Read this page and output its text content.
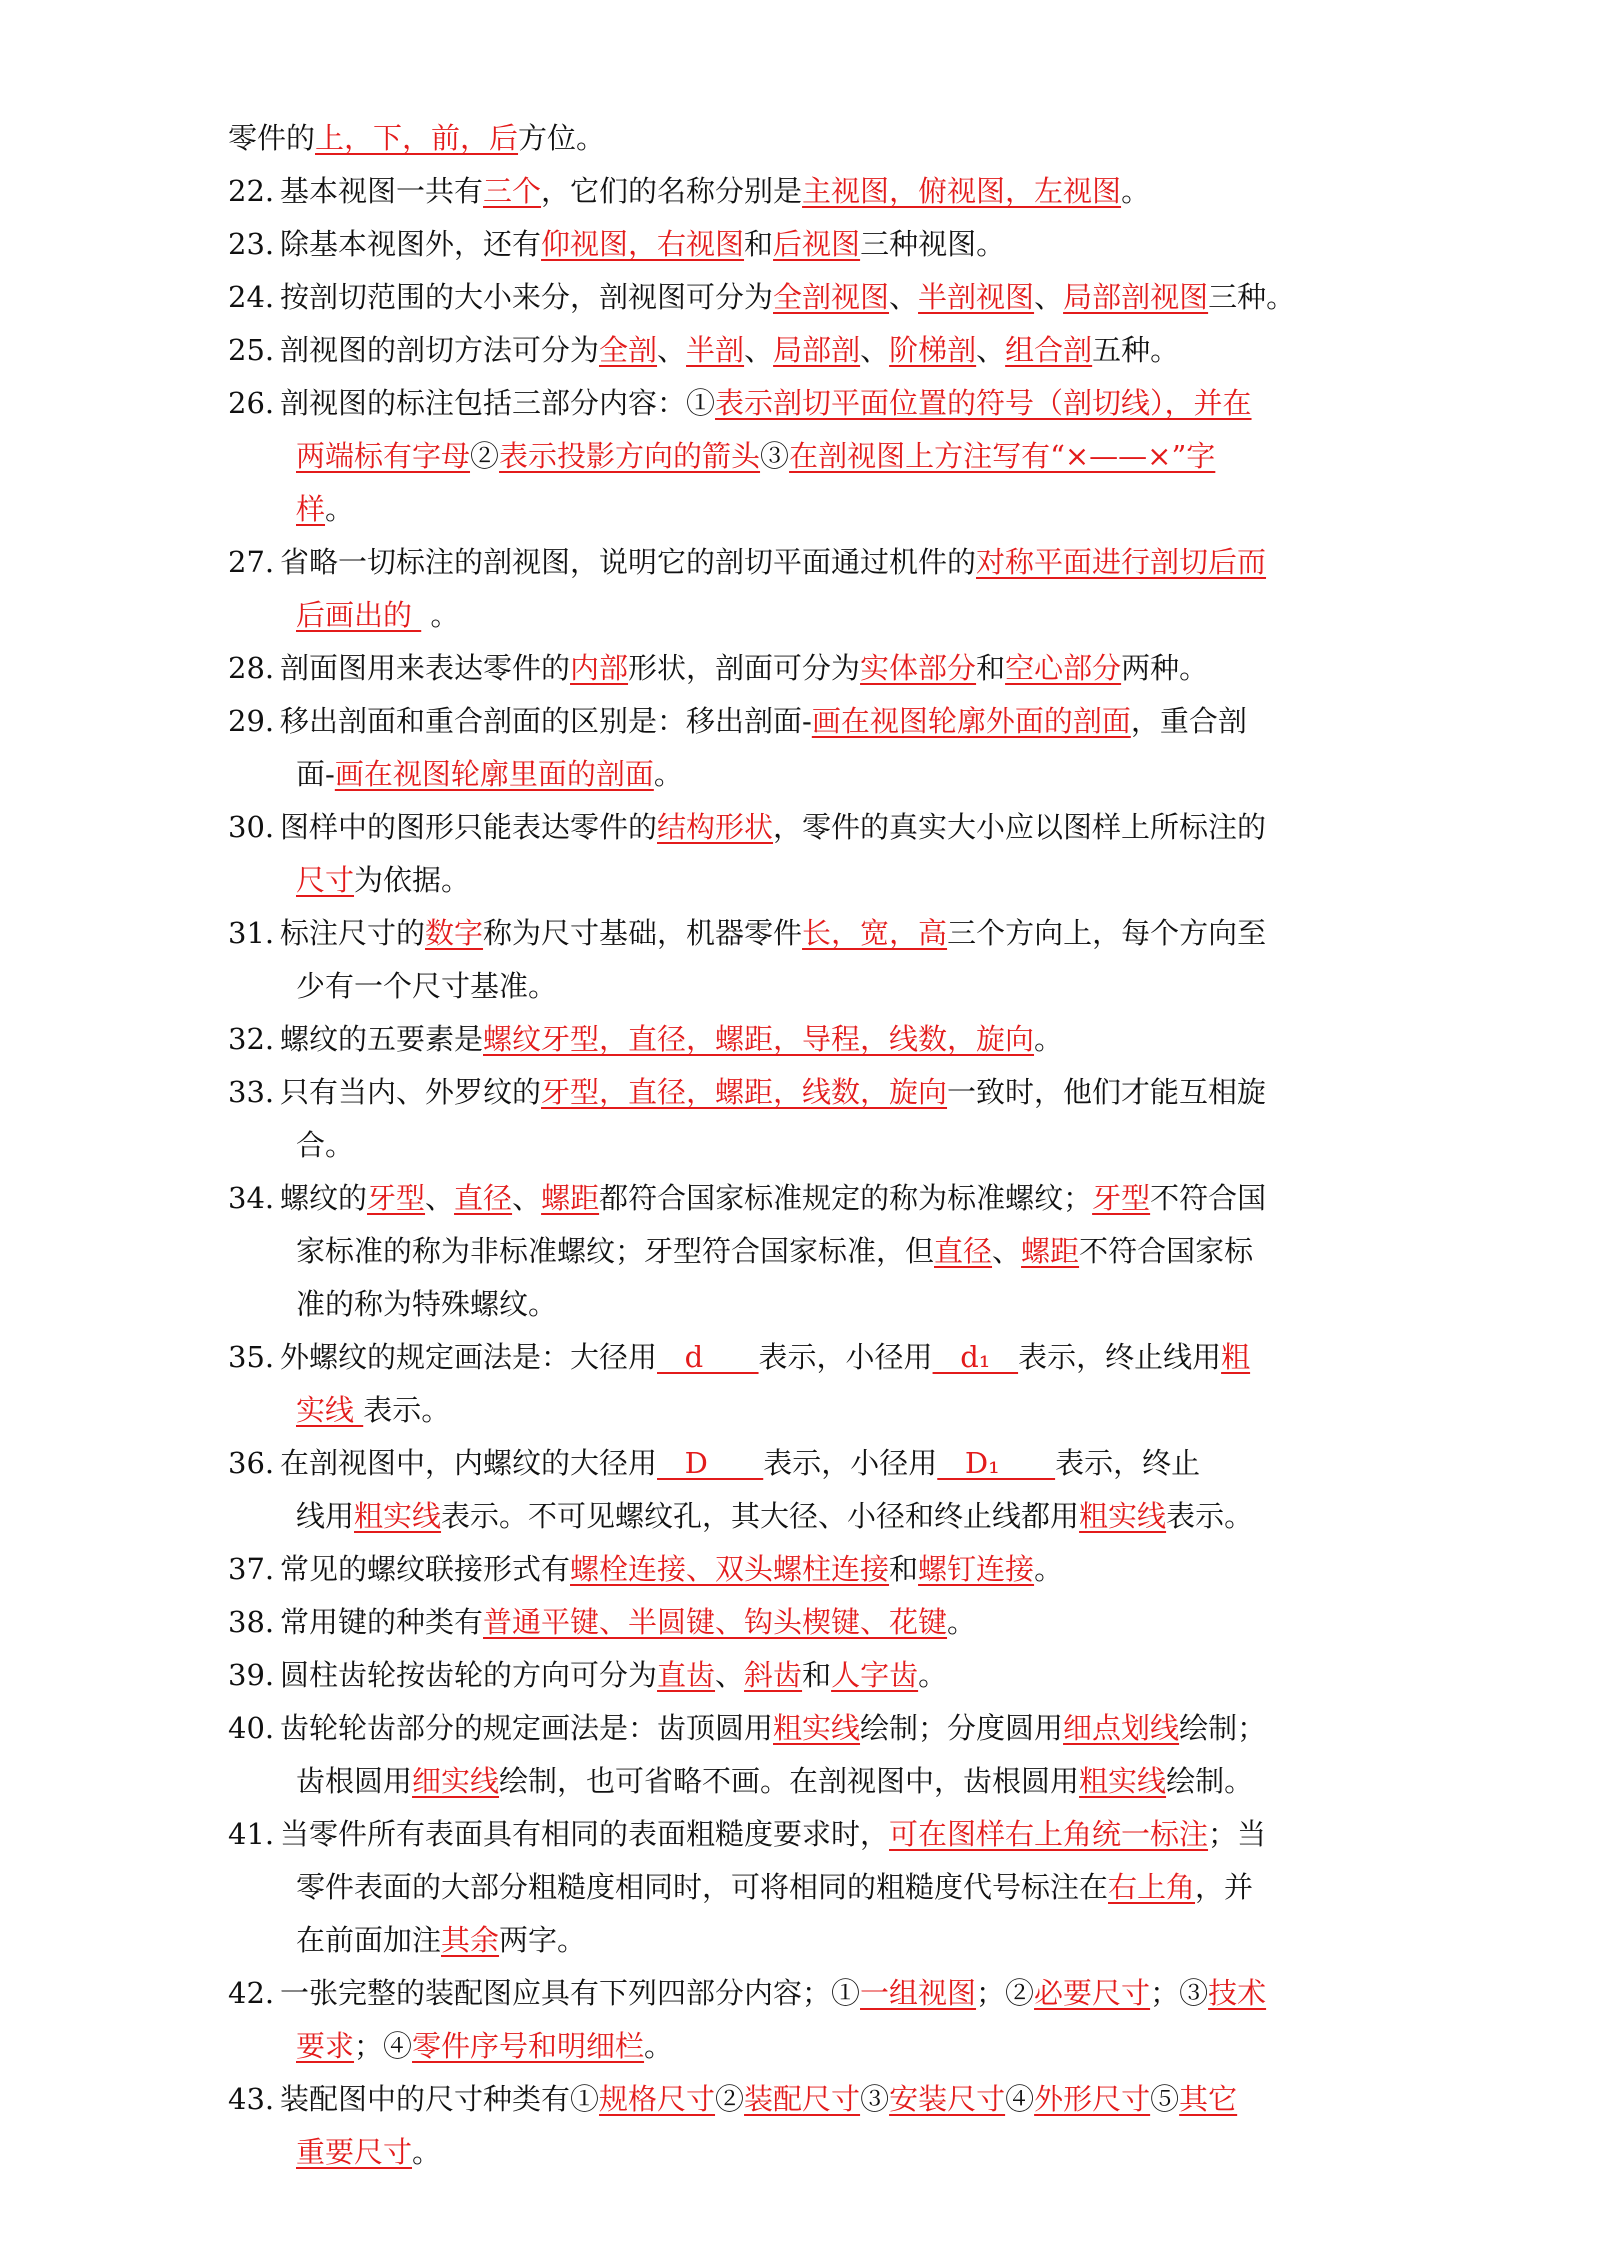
零件的上，下，前，后方位。
22. 基本视图一共有三个，它们的名称分别是主视图，俯视图，左视图。
23. 除基本视图外，还有仰视图，右视图和后视图三种视图。
24. 按剖切范围的大小来分，剖视图可分为全剖视图、半剖视图、局部剖视图三种。
25. 剖视图的剖切方法可分为全剖、半剖、局部剖、阶梯剖、组合剖五种。
26. 剖视图的标注包括三部分内容：①表示剖切平面位置的符号（剖切线），并在
两端标有字母②表示投影方向的箭头③在剖视图上方注写有“×——×”字
样。
27. 省略一切标注的剖视图，说明它的剖切平面通过机件的对称平面进行剖切后而
后画出的  。
28. 剖面图用来表达零件的内部形状，剖面可分为实体部分和空心部分两种。
29. 移出剖面和重合剖面的区别是：移出剖面-画在视图轮廓外面的剖面，重合剖
面-画在视图轮廓里面的剖面。
30. 图样中的图形只能表达零件的结构形状，零件的真实大小应以图样上所标注的
尺寸为依据。
31. 标注尺寸的数字称为尺寸基础，机器零件长，宽，高三个方向上，每个方向至
少有一个尺寸基准。
32. 螺纹的五要素是螺纹牙型，直径，螺距，导程，线数，旋向。
33. 只有当内、外罗纹的牙型，直径，螺距，线数，旋向一致时，他们才能互相旋
合。
34. 螺纹的牙型、直径、螺距都符合国家标准规定的称为标准螺纹；牙型不符合国
家标准的称为非标准螺纹；牙型符合国家标准，但直径、螺距不符合国家标
准的称为特殊螺纹。
35. 外螺纹的规定画法是：大径用   d      表示，小径用   d₁   表示，终止线用粗
实线 表示。
36. 在剖视图中，内螺纹的大径用   D      表示，小径用   D₁      表示，终止
线用粗实线表示。不可见螺纹孔，其大径、小径和终止线都用粗实线表示。
37. 常见的螺纹联接形式有螺栓连接、双头螺柱连接和螺钉连接。
38. 常用键的种类有普通平键、半圆键、钩头楔键、花键。
39. 圆柱齿轮按齿轮的方向可分为直齿、斜齿和人字齿。
40. 齿轮轮齿部分的规定画法是：齿顶圆用粗实线绘制；分度圆用细点划线绘制；
齿根圆用细实线绘制，也可省略不画。在剖视图中，齿根圆用粗实线绘制。
41. 当零件所有表面具有相同的表面粗糙度要求时，可在图样右上角统一标注；当
零件表面的大部分粗糙度相同时，可将相同的粗糙度代号标注在右上角，并
在前面加注其余两字。
42. 一张完整的装配图应具有下列四部分内容；①一组视图；②必要尺寸；③技术
要求；④零件序号和明细栏。
43. 装配图中的尺寸种类有①规格尺寸②装配尺寸③安装尺寸④外形尺寸⑤其它
重要尺寸。
